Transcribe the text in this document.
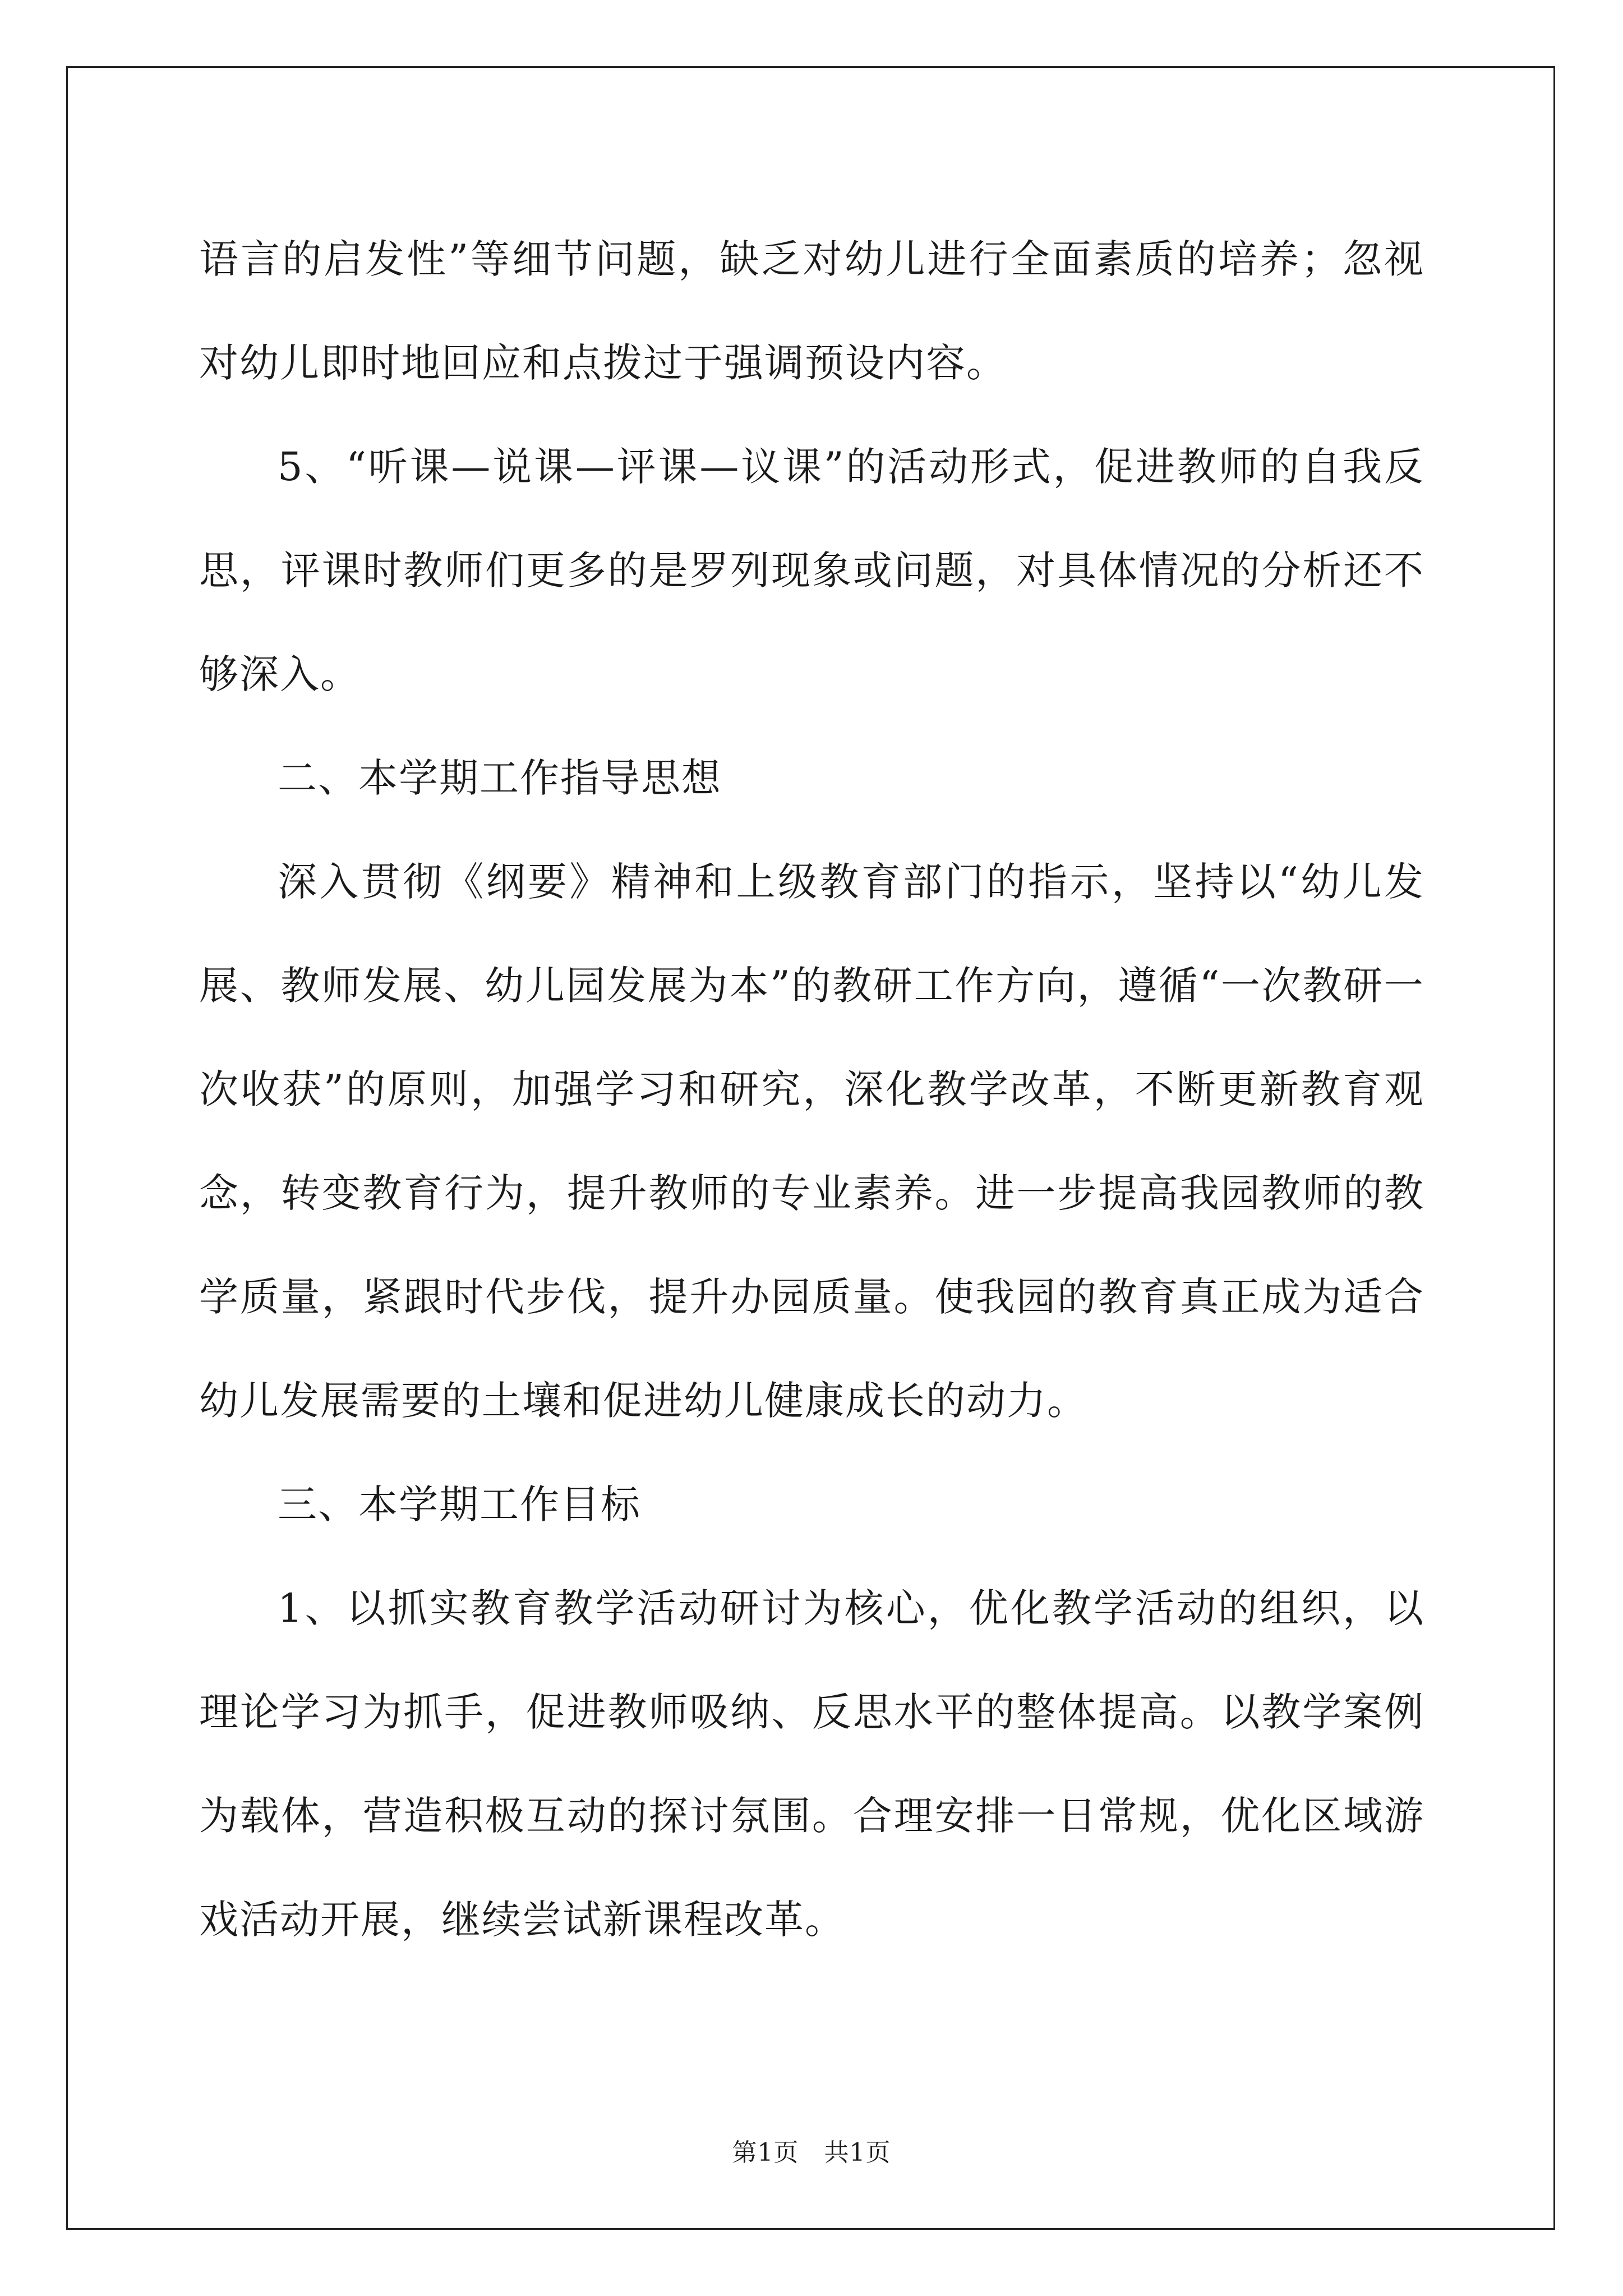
语言的启发性”等细节问题，缺乏对幼儿进行全面素质的培养；忽视对幼儿即时地回应和点拨过于强调预设内容。

5、“听课—说课—评课—议课”的活动形式，促进教师的自我反思，评课时教师们更多的是罗列现象或问题，对具体情况的分析还不够深入。

二、本学期工作指导思想

深入贯彻《纲要》精神和上级教育部门的指示，坚持以“幼儿发展、教师发展、幼儿园发展为本”的教研工作方向，遵循“一次教研一次收获”的原则，加强学习和研究，深化教学改革，不断更新教育观念，转变教育行为，提升教师的专业素养。进一步提高我园教师的教学质量，紧跟时代步伐，提升办园质量。使我园的教育真正成为适合幼儿发展需要的土壤和促进幼儿健康成长的动力。

三、本学期工作目标

1、以抓实教育教学活动研讨为核心，优化教学活动的组织，以理论学习为抓手，促进教师吸纳、反思水平的整体提高。以教学案例为载体，营造积极互动的探讨氛围。合理安排一日常规，优化区域游戏活动开展，继续尝试新课程改革。

第1页 共1页
